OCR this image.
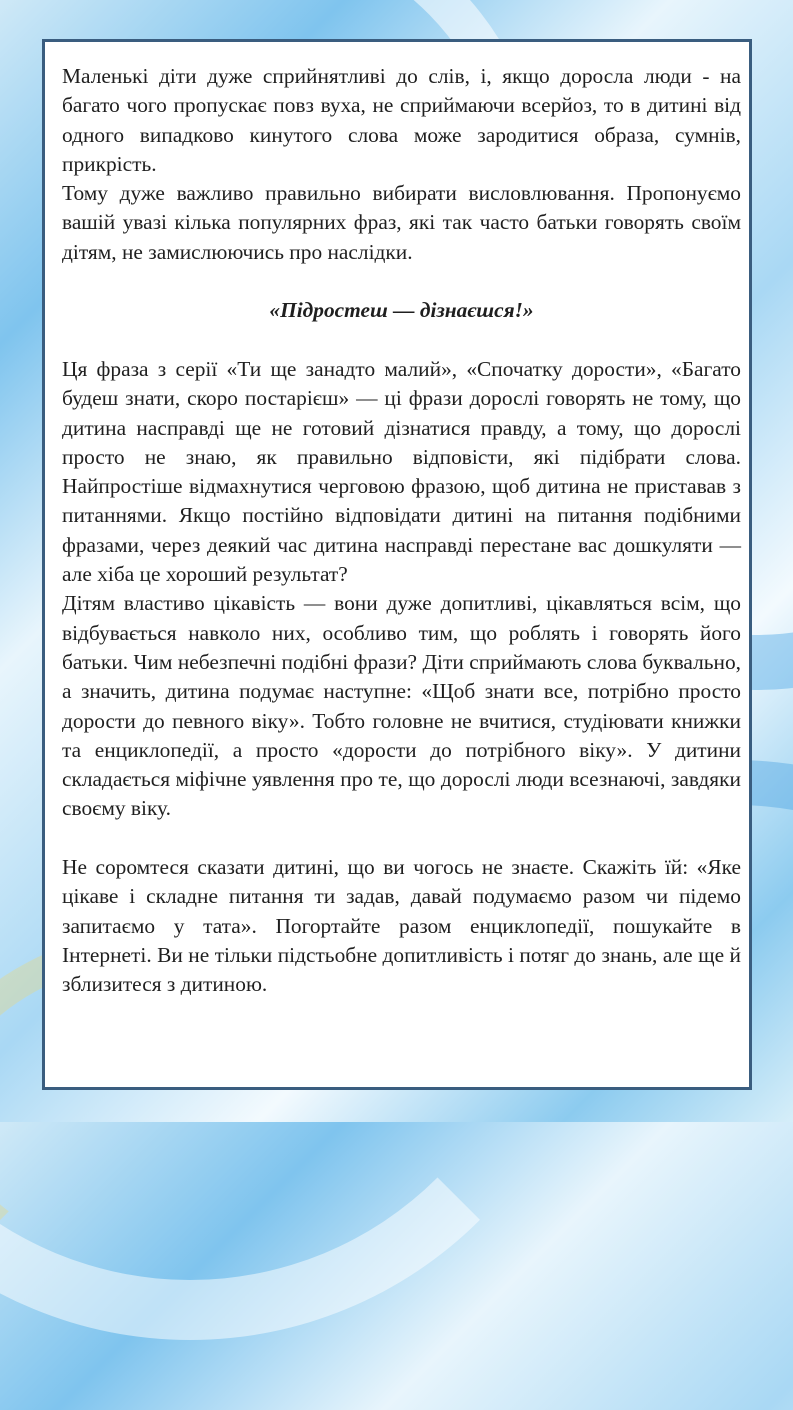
Маленькі діти дуже сприйнятливі до слів, і, якщо доросла люди - на багато чого пропускає повз вуха, не сприймаючи всерйоз, то в дитині від одного випадково кинутого слова може зародитися образа, сумнів, прикрість.

Тому дуже важливо правильно вибирати висловлювання. Пропонуємо вашій увазі кілька популярних фраз, які так часто батьки говорять своїм дітям, не замислюючись про наслідки.

«Підростеш — дізнаєшся!»

Ця фраза з серії «Ти ще занадто малий», «Спочатку дорости», «Багато будеш знати, скоро постарієш» — ці фрази дорослі говорять не тому, що дитина насправді ще не готовий дізнатися правду, а тому, що дорослі просто не знаю, як правильно відповісти, які підібрати слова. Найпростіше відмахнутися черговою фразою, щоб дитина не приставав з питаннями. Якщо постійно відповідати дитині на питання подібними фразами, через деякий час дитина насправді перестане вас дошкуляти — але хіба це хороший результат?

Дітям властиво цікавість — вони дуже допитливі, цікавляться всім, що відбувається навколо них, особливо тим, що роблять і говорять його батьки. Чим небезпечні подібні фрази? Діти сприймають слова буквально, а значить, дитина подумає наступне: «Щоб знати все, потрібно просто дорости до певного віку». Тобто головне не вчитися, студіювати книжки та енциклопедії, а просто «дорости до потрібного віку». У дитини складається міфічне уявлення про те, що дорослі люди всезнаючі, завдяки своєму віку.

Не соромтеся сказати дитині, що ви чогось не знаєте. Скажіть їй: «Яке цікаве і складне питання ти задав, давай подумаємо разом чи підемо запитаємо у тата». Погортайте разом енциклопедії, пошукайте в Інтернеті. Ви не тільки підстьобне допитливість і потяг до знань, але ще й зблизитеся з дитиною.
